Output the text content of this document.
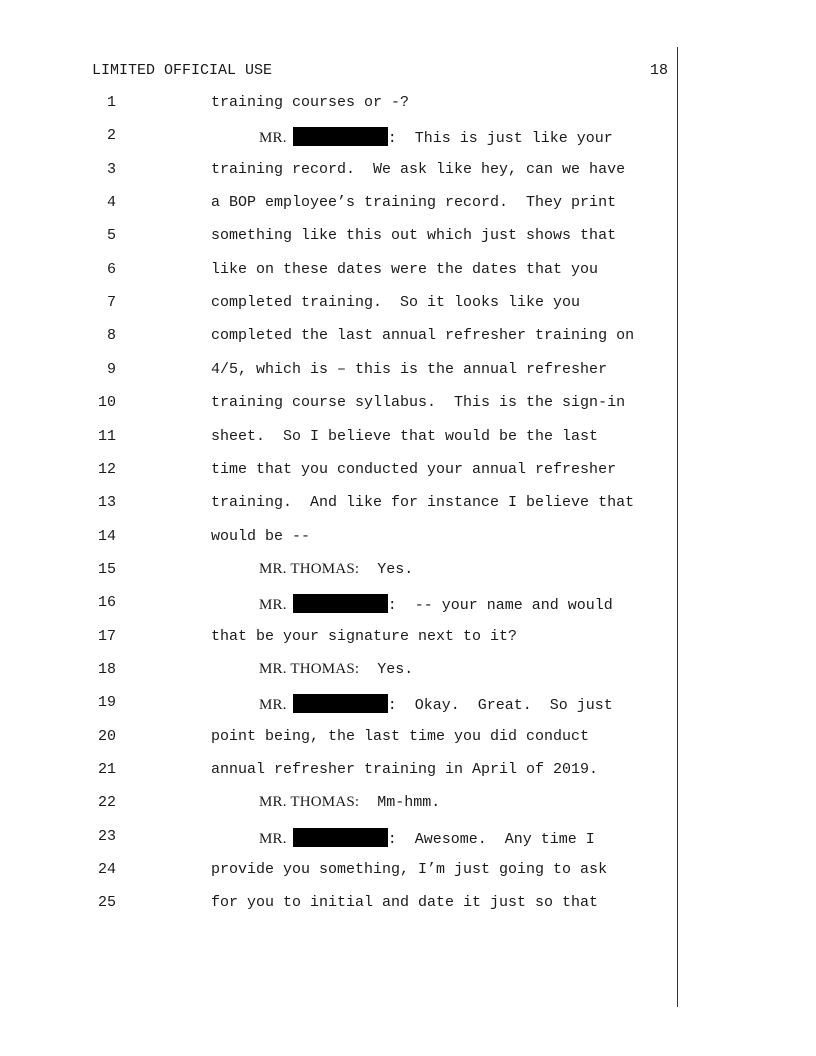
LIMITED OFFICIAL USE	18
1	training courses or -?
2	MR.	:  This is just like your
3	training record.  We ask like hey, can we have
4	a BOP employee’s training record.  They print
5	something like this out which just shows that
6	like on these dates were the dates that you
7	completed training.  So it looks like you
8	completed the last annual refresher training on
9	4/5, which is – this is the annual refresher
10	training course syllabus.  This is the sign-in
11	sheet.  So I believe that would be the last
12	time that you conducted your annual refresher
13	training.  And like for instance I believe that
14	would be --
15	MR. THOMAS:  Yes.
16	MR.	:  -- your name and would
17	that be your signature next to it?
18	MR. THOMAS:  Yes.
19	MR.	:  Okay.  Great.  So just
20	point being, the last time you did conduct
21	annual refresher training in April of 2019.
22	MR. THOMAS:  Mm-hmm.
23	MR.	:  Awesome.  Any time I
24	provide you something, I’m just going to ask
25	for you to initial and date it just so that
